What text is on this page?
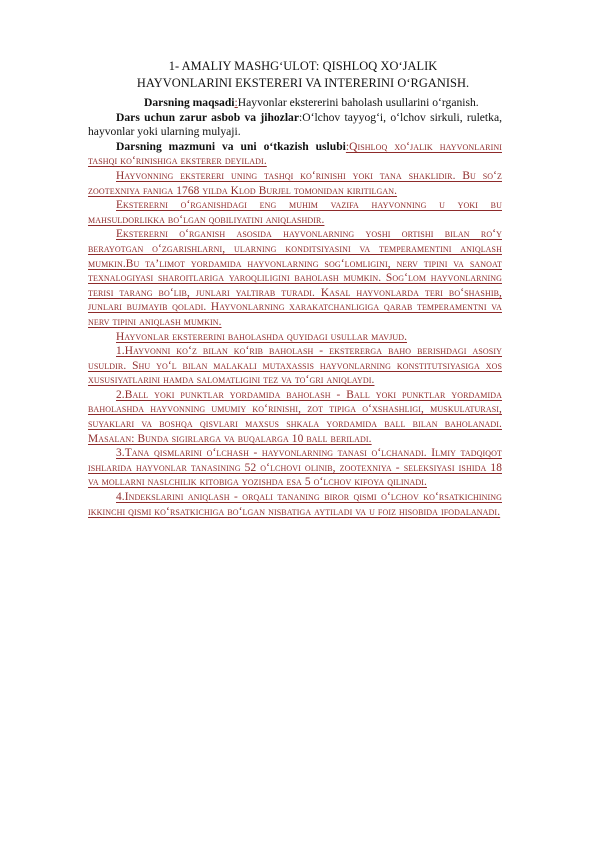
1- AMALIY MASHG‘ULOT: QISHLOQ XO‘JALIK
HAYVONLARINI EKSTERERI VA INTERERINI O‘RGANISH.

Darsning maqsadi:Hayvonlar ekstererini baholash usullarini o‘rganish.

Dars uchun zarur asbob va jihozlar:O‘lchov tayyog‘i, o‘lchov sirkuli, ruletka, hayvonlar yoki ularning mulyaji.

Darsning mazmuni va uni o‘tkazish uslubi:Qishloq xo‘jalik hayvonlarini tashqi ko‘rinishiga eksterer deyiladi.

Hayvonning eksterеri uning tashqi ko‘rinishi yoki tana shaklidir. Bu so‘z zootexniya faniga 1768 yilda Klod Burjel tomonidan kiritilgan.

Eksterеrni o‘rganishdagi eng muhim vazifa hayvonning u yoki bu mahsuldorlikka bo‘lgan qobiliyatini aniqlashdir.

Eksterеrni o‘rganish asosida hayvonlarning yoshi ortishi bilan ro‘y berayotgan o‘zgarishlarni, ularning konditsiyasini va temperamentini aniqlash mumkin.Bu ta’limot yordamida hayvonlarning sog‘lomligini, nerv tipini va sanoat texnalogiyasi sharoitlariga yaroqliligini baholash mumkin. Sog‘lom hayvonlarning terisi tarang bo‘lib, junlari yaltirab turadi. Kasal hayvonlarda teri bo‘shashib, junlari bujmayib qoladi. Hayvonlarning xarakatchanligiga qarab temperamentni va nerv tipini aniqlash mumkin.

Hayvonlar eksterеrini baholashda quyidagi usullar mavjud.

1.Hayvonni ko‘z bilan ko‘rib baholash - eksterеrga baho berishdagi asosiy usuldir. Shu yo‘l bilan malakali mutaxassis hayvonlarning konstitutsiyasiga xos xususiyatlarini hamda salomatligini tez va to‘gri aniqlaydi.

2.Ball yoki punktlar yordamida baholash - Ball yoki punktlar yordamida baholashda hayvonning umumiy ko‘rinishi, zot tipiga o‘xshashligi, muskulaturasi, suyaklari va boshqa qisvlari maxsus shkala yordamida ball bilan baholanadi. Masalan: Bunda sigirlarga va buqalarga 10 ball beriladi.

3.Tana qismlarini o‘lchash - hayvonlarning tanasi o‘lchanadi. Ilmiy tadqiqot ishlarida hayvonlar tanasining 52 o‘lchovi olinib, zootexniya - seleksiyasi ishida 18 va mollarni naslchilik kitobiga yozishda esa 5 o‘lchov kifoya qilinadi.

4.Indekslarini aniqlash - orqali tananing biror qismi o‘lchov ko‘rsatkichining ikkinchi qismi ko‘rsatkichiga bo‘lgan nisbatiga aytiladi va u foiz hisobida ifodalanadi.
